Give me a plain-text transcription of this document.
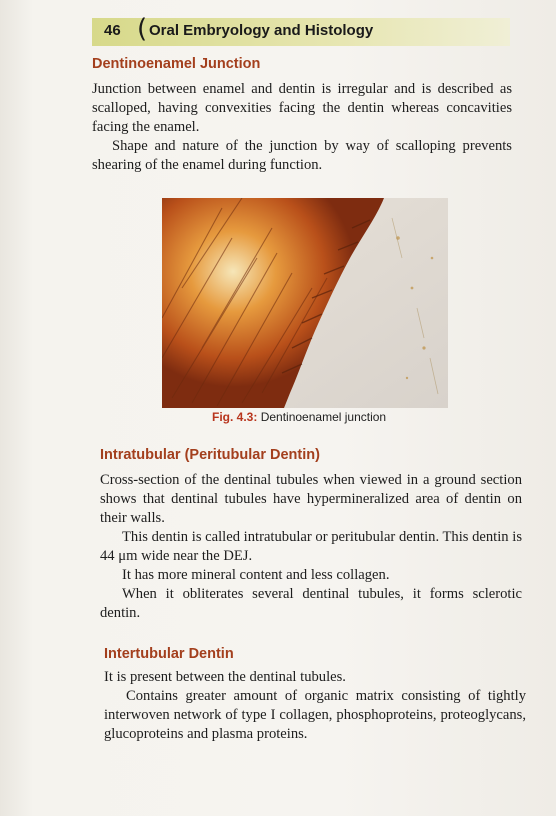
46 ( Oral Embryology and Histology
Dentinoenamel Junction

Junction between enamel and dentin is irregular and is described as scalloped, having convexities facing the dentin whereas concavities facing the enamel.

Shape and nature of the junction by way of scalloping prevents shearing of the enamel during function.

Fig. 4.3: Dentinoenamel junction
Intratubular (Peritubular Dentin)

Cross-section of the dentinal tubules when viewed in a ground section shows that dentinal tubules have hypermineralized area of dentin on their walls.

This dentin is called intratubular or peritubular dentin. This dentin is 44 μm wide near the DEJ.

It has more mineral content and less collagen.

When it obliterates several dentinal tubules, it forms sclerotic dentin.

Intertubular Dentin

It is present between the dentinal tubules.

Contains greater amount of organic matrix consisting of tightly interwoven network of type I collagen, phosphoproteins, proteoglycans, glucoproteins and plasma proteins.
